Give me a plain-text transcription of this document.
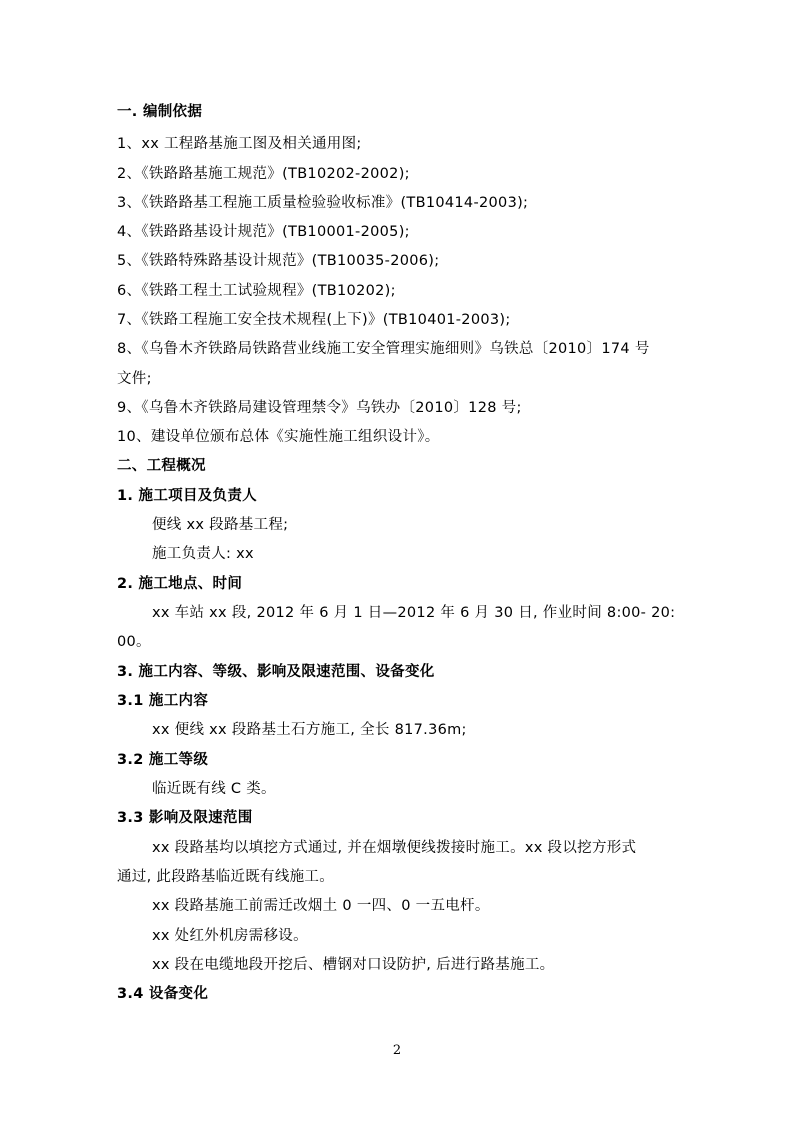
一. 编制依据
1、xx 工程路基施工图及相关通用图;
2、《铁路路基施工规范》(TB10202-2002);
3、《铁路路基工程施工质量检验验收标准》(TB10414-2003);
4、《铁路路基设计规范》(TB10001-2005);
5、《铁路特殊路基设计规范》(TB10035-2006);
6、《铁路工程土工试验规程》(TB10202);
7、《铁路工程施工安全技术规程(上下)》(TB10401-2003);
8、《乌鲁木齐铁路局铁路营业线施工安全管理实施细则》乌铁总〔2010〕174 号
文件;
9、《乌鲁木齐铁路局建设管理禁令》乌铁办〔2010〕128 号;
10、建设单位颁布总体《实施性施工组织设计》。
二、工程概况
1. 施工项目及负责人
便线 xx 段路基工程;
施工负责人: xx
2. 施工地点、时间
xx 车站 xx 段, 2012 年 6 月 1 日—2012 年 6 月 30 日, 作业时间 8:00- 20:
00。
3. 施工内容、等级、影响及限速范围、设备变化
3.1 施工内容
xx 便线 xx 段路基土石方施工, 全长 817.36m;
3.2 施工等级
临近既有线 C 类。
3.3 影响及限速范围
xx 段路基均以填挖方式通过, 并在烟墩便线拨接时施工。xx 段以挖方形式
通过, 此段路基临近既有线施工。
xx 段路基施工前需迁改烟土 0 一四、0 一五电杆。
xx 处红外机房需移设。
xx 段在电缆地段开挖后、槽钢对口设防护, 后进行路基施工。
3.4 设备变化
2
